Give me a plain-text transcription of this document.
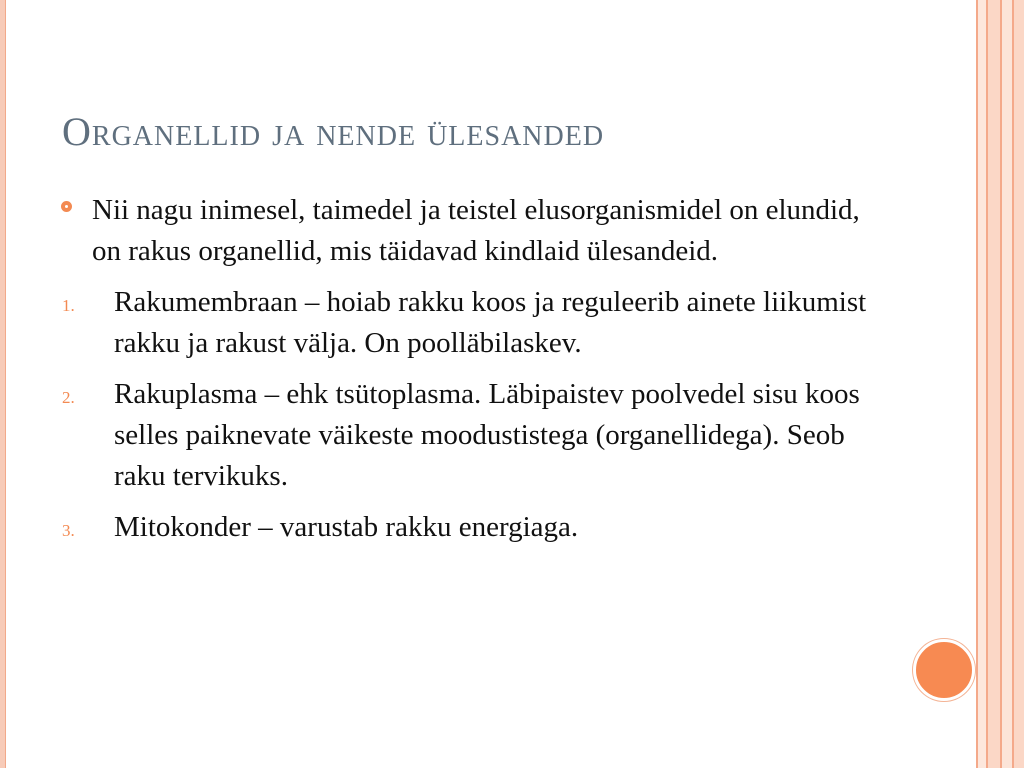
Organellid ja nende ülesanded
Nii nagu inimesel, taimedel ja teistel elusorganismidel on elundid, on rakus organellid, mis täidavad kindlaid ülesandeid.
1. Rakumembraan – hoiab rakku koos ja reguleerib ainete liikumist rakku ja rakust välja. On poolläbilaskev.
2. Rakuplasma – ehk tsütoplasma. Läbipaistev poolvedel sisu koos selles paiknevate väikeste moodustistega (organellidega). Seob raku tervikuks.
3. Mitokonder – varustab rakku energiaga.
